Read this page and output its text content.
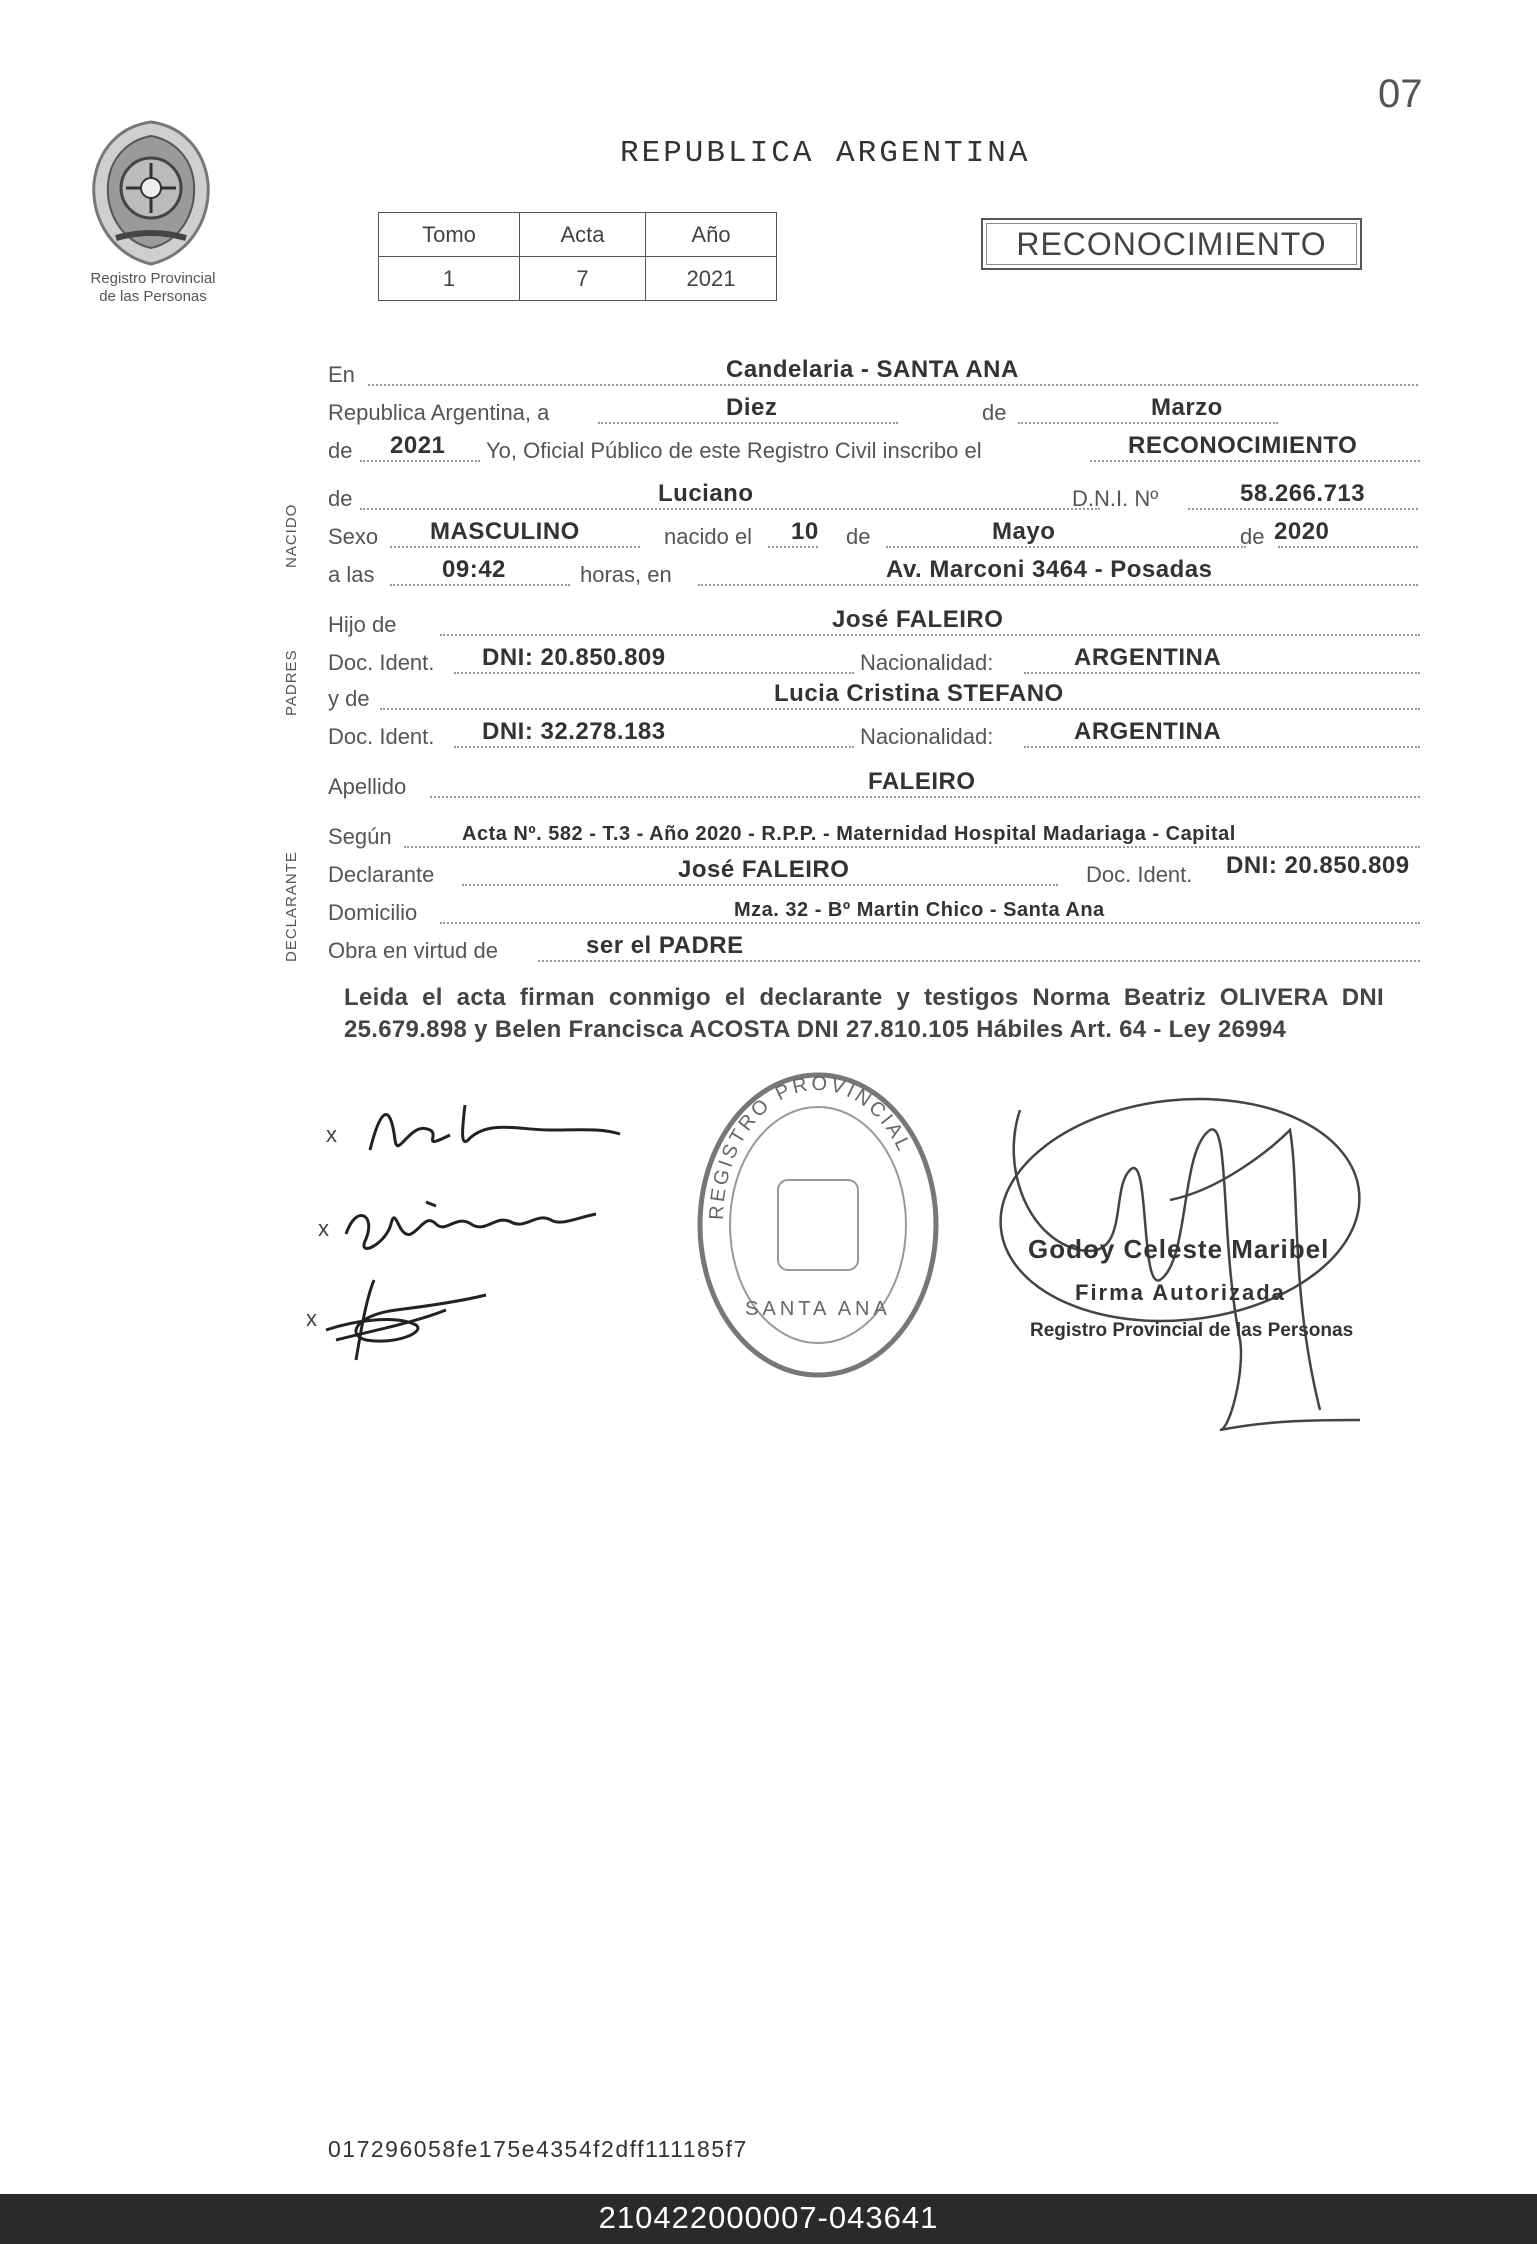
07
Registro Provincial
de las Personas
REPUBLICA ARGENTINA
Tomo	Acta	Año
1	7	2021
RECONOCIMIENTO
NACIDO
PADRES
DECLARANTE
En	Candelaria - SANTA ANA
Republica Argentina, a	Diez	de	Marzo
de 2021 Yo, Oficial Público de este Registro Civil inscribo el	RECONOCIMIENTO
de	Luciano	D.N.I. Nº	58.266.713
Sexo MASCULINO	nacido el 10 de	Mayo	de 2020
a las	09:42	horas, en	Av. Marconi 3464 - Posadas
Hijo de	José FALEIRO
Doc. Ident. DNI: 20.850.809	Nacionalidad:	ARGENTINA
y de	Lucia Cristina STEFANO
Doc. Ident. DNI: 32.278.183	Nacionalidad:	ARGENTINA
Apellido	FALEIRO
Según	Acta Nº. 582 - T.3 - Año 2020 - R.P.P. - Maternidad Hospital Madariaga - Capital
Declarante	José FALEIRO	Doc. Ident. DNI: 20.850.809
Domicilio	Mza. 32 - Bº Martin Chico - Santa Ana
Obra en virtud de	ser el PADRE
Leida el acta firman conmigo el declarante y testigos Norma Beatriz OLIVERA DNI 25.679.898 y Belen Francisca ACOSTA DNI 27.810.105 Hábiles Art. 64 - Ley 26994
x
x
x
REGISTRO PROVINCIAL
SANTA ANA
Godoy Celeste Maribel
Firma Autorizada
Registro Provincial de las Personas
017296058fe175e4354f2dff111185f7
210422000007-043641
